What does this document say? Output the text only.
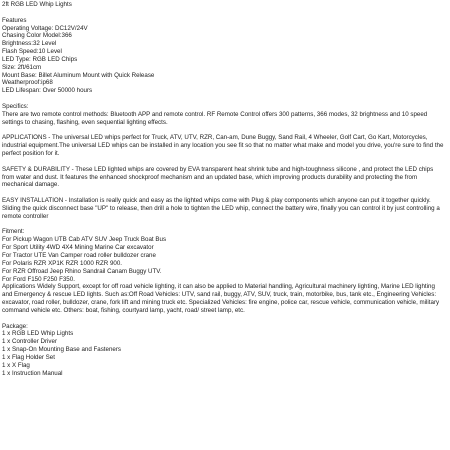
2ft RGB LED Whip Lights
Features
Operating Voltage: DC12V/24V
Chasing Color Model:366
Brightness:32 Level
Flash Speed:10 Level
LED Type: RGB LED Chips
Size: 2ft/61cm
Mount Base: Billet Aluminum Mount with Quick Release
Weatherproof:ip68
LED Lifespan: Over 50000 hours
Specifics:
There are two remote control methods: Bluetooth APP and remote control. RF Remote Control offers 300 patterns, 366 modes, 32 brightness and 10 speed settings to chasing, flashing, even sequential lighting effects.
APPLICATIONS - The universal LED whips perfect for Truck, ATV, UTV, RZR, Can-am, Dune Buggy, Sand Rail, 4 Wheeler, Golf Cart, Go Kart, Motorcycles, industrial equipment.The universal LED whips can be installed in any location you see fit so that no matter what make and model you drive, you're sure to find the perfect position for it.
SAFETY & DURABILITY - These LED lighted whips are covered by EVA transparent heat shrink tube and high-toughness silicone , and protect the LED chips from water and dust. It features the enhanced shockproof mechanism and an updated base, which improving products durability and protecting the from mechanical damage.
EASY INSTALLATION - Installation is really quick and easy as the lighted whips come with Plug & play components which anyone can put it together quickly. Sliding the quick disconnect base "UP" to release, then drill a hole to tighten the LED whip, connect the battery wire, finally you can control it by just controlling a remote controller
Fitment:
For Pickup Wagon UTB Cab ATV SUV Jeep Truck Boat Bus
For Sport Utility 4WD 4X4 Mining Marine Car excavator
For Tractor UTE Van Camper road roller bulldozer crane
For Polaris RZR XP1K RZR 1000 RZR 900.
For RZR Offroad Jeep Rhino Sandrail Canam Buggy UTV.
For Ford F150 F250 F350.
Applications Widely Support, except for off road vehicle lighting, it can also be applied to Material handling, Agricultural machinery lighting, Marine LED lighting and Emergency & rescue LED lights. Such as:Off Road Vehicles: UTV, sand rail, buggy, ATV, SUV, truck, train, motorbike, bus, tank etc., Engineering Vehicles: excavator, road roller, bulldozer, crane, fork lift and mining truck etc. Specialized Vehicles: fire engine, police car, rescue vehicle, communication vehicle, military command vehicle etc. Others: boat, fishing, courtyard lamp, yacht, road/ street lamp, etc.
Package:
1 x RGB LED Whip Lights
1 x Controller Driver
1 x Snap-On Mounting Base and Fasteners
1 x Flag Holder Set
1 x X Flag
1 x Instruction Manual
